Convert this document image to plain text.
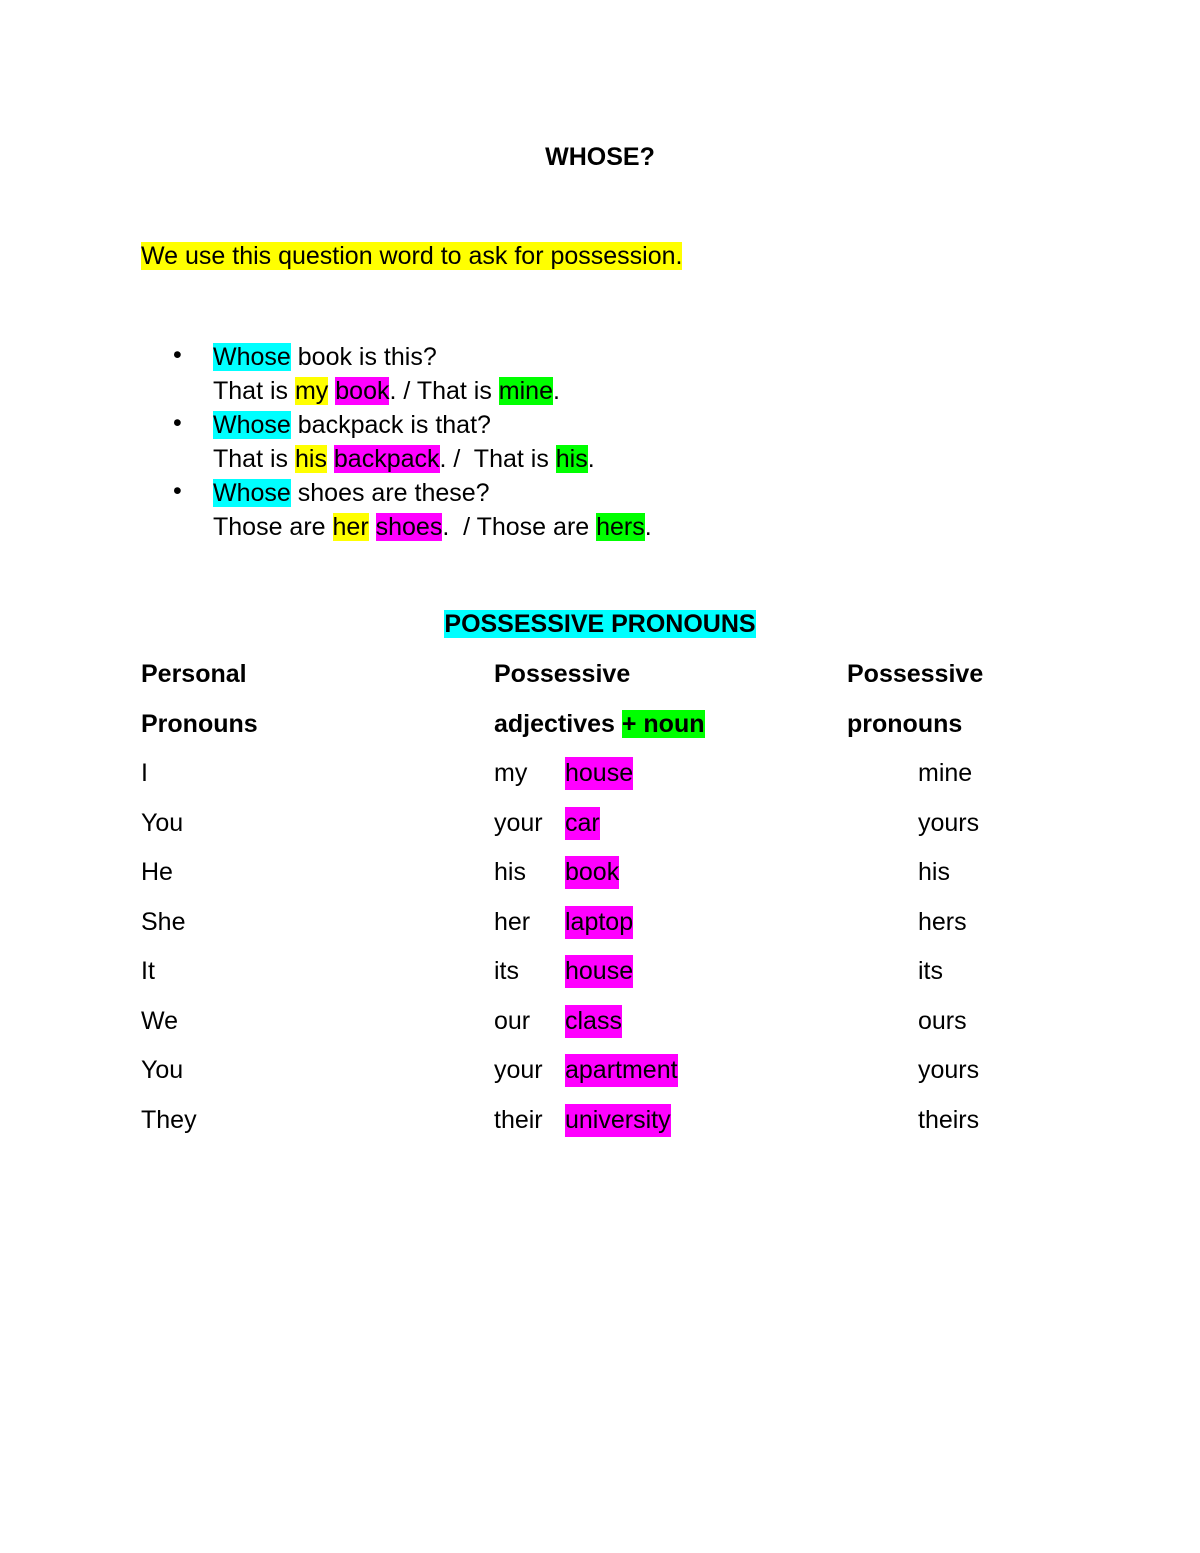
WHOSE?
We use this question word to ask for possession.
• Whose book is this?
That is my book. / That is mine.
• Whose backpack is that?
That is his backpack. /  That is his.
• Whose shoes are these?
Those are her shoes.  / Those are hers.
POSSESSIVE PRONOUNS
Personal	Possessive	Possessive
Pronouns	adjectives + noun	pronouns
I	my house	mine
You	your car	yours
He	his book	his
She	her laptop	hers
It	its house	its
We	our class	ours
You	your apartment	yours
They	their university	theirs
